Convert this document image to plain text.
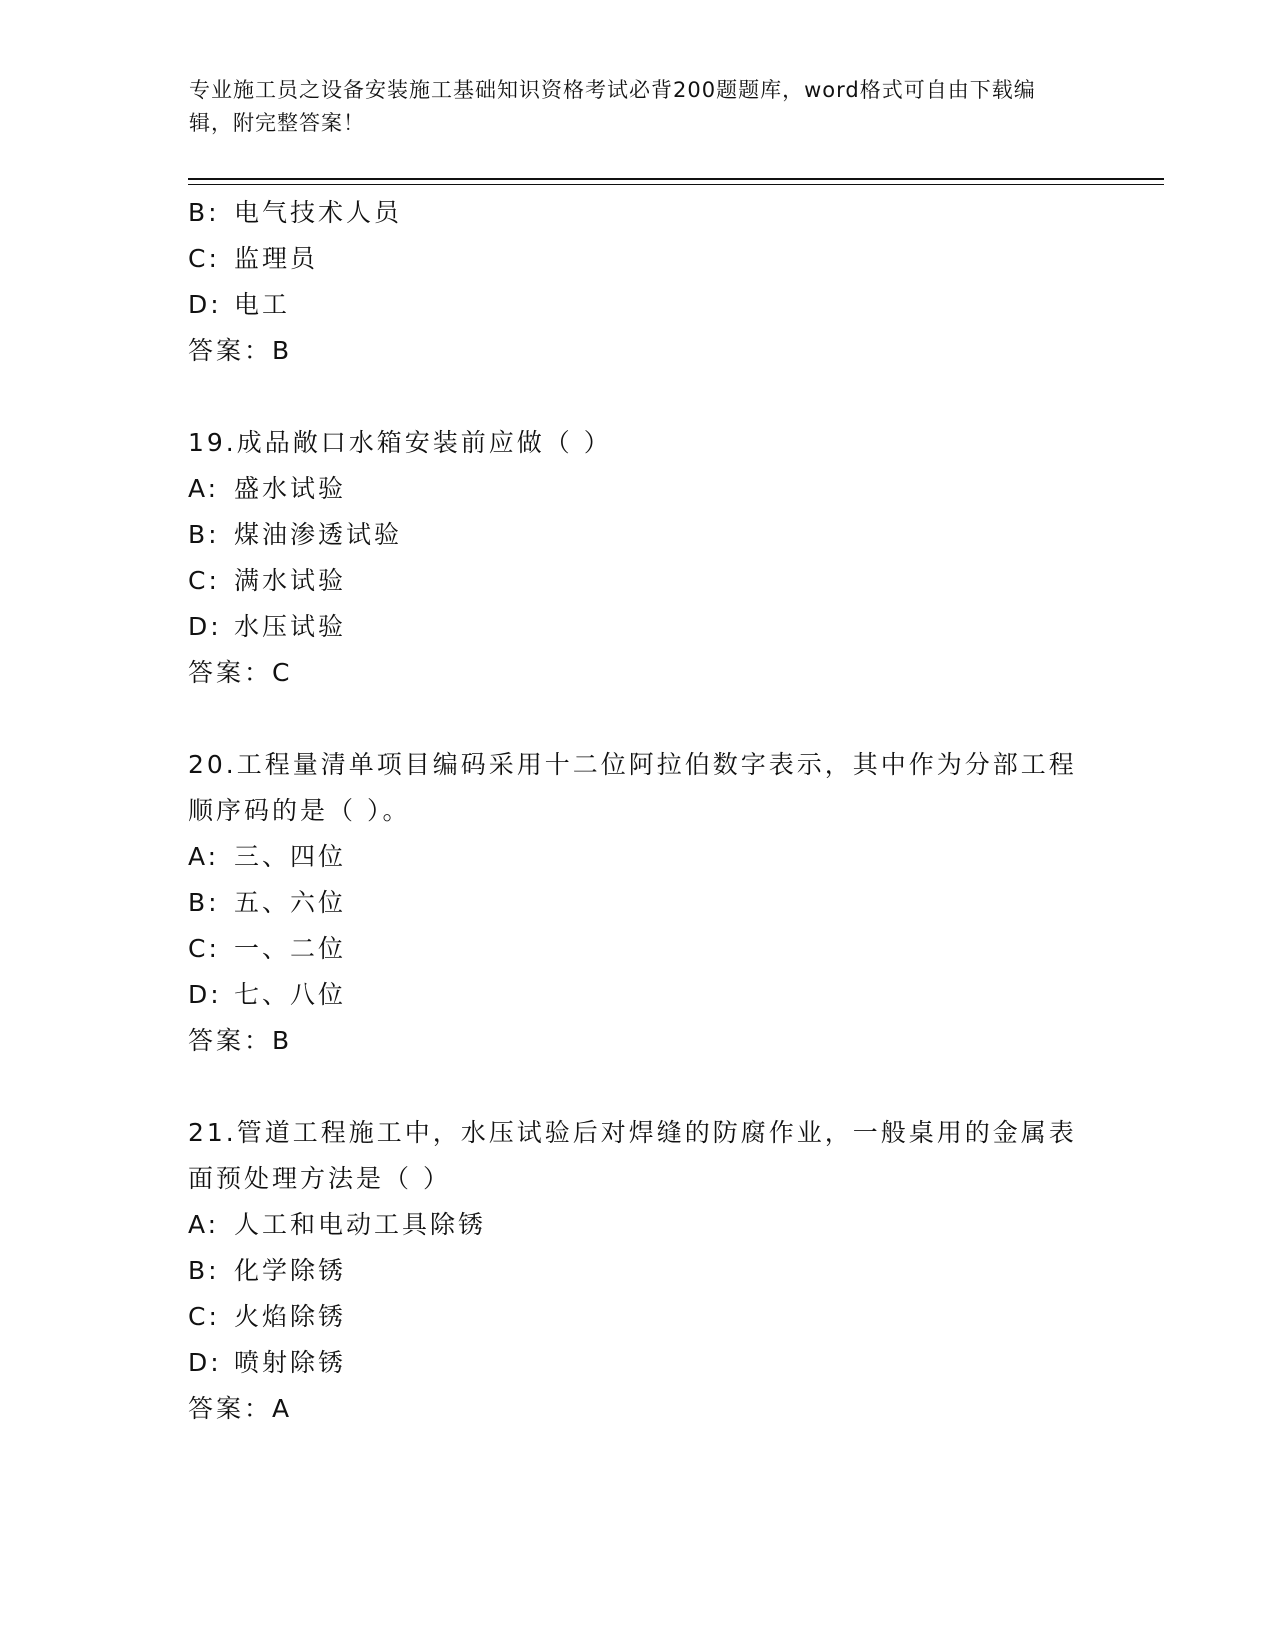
专业施工员之设备安装施工基础知识资格考试必背200题题库，word格式可自由下载编辑，附完整答案！
B: 电气技术人员
C: 监理员
D: 电工
答案：B
19.成品敞口水箱安装前应做（ ）
A: 盛水试验
B: 煤油渗透试验
C: 满水试验
D: 水压试验
答案：C
20.工程量清单项目编码采用十二位阿拉伯数字表示，其中作为分部工程顺序码的是（ ）。
A: 三、四位
B: 五、六位
C: 一、二位
D: 七、八位
答案：B
21.管道工程施工中，水压试验后对焊缝的防腐作业，一般桌用的金属表面预处理方法是（ ）
A: 人工和电动工具除锈
B: 化学除锈
C: 火焰除锈
D: 喷射除锈
答案：A
